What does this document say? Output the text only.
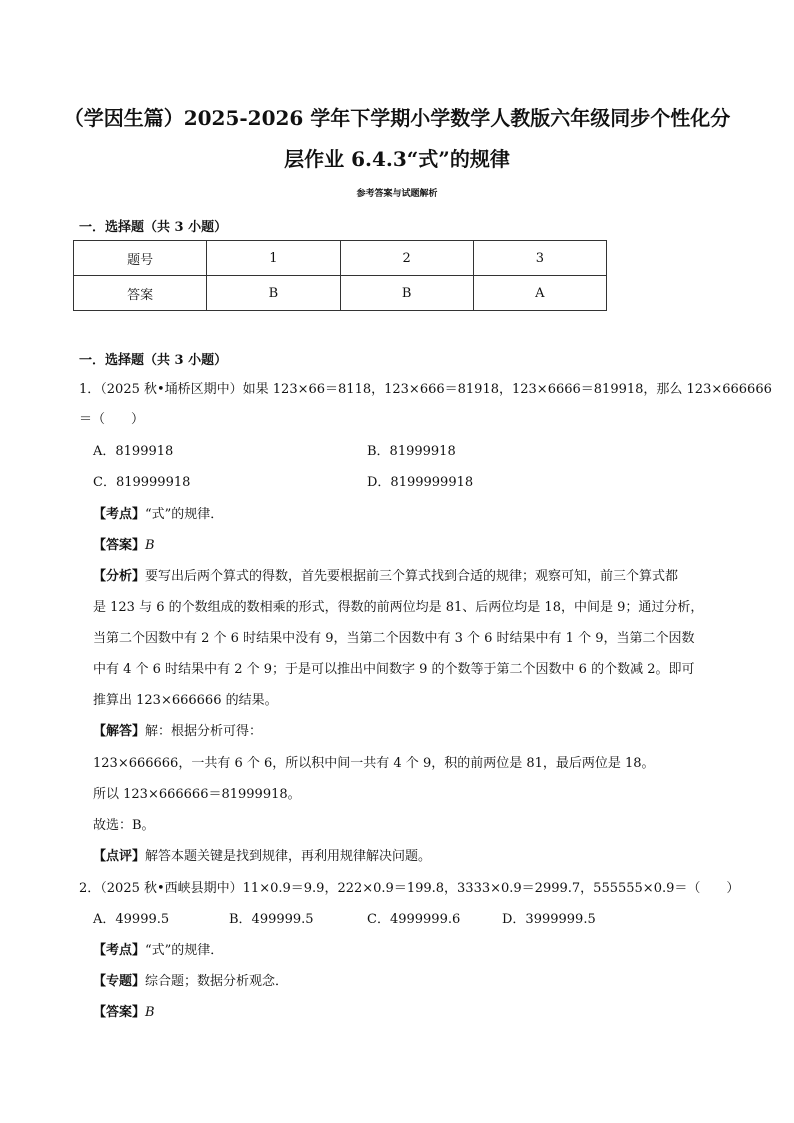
（学因生篇）2025-2026 学年下学期小学数学人教版六年级同步个性化分
层作业 6.4.3“式”的规律
参考答案与试题解析
一．选择题（共 3 小题）
题号	1	2	3
答案	B	B	A
一．选择题（共 3 小题）
1．（2025 秋•埇桥区期中）如果 123×66＝8118，123×666＝81918，123×6666＝819918，那么 123×666666
＝（　　）
A．8199918	B．81999918
C．819999918	D．8199999918
【考点】“式”的规律．
【答案】B
【分析】要写出后两个算式的得数，首先要根据前三个算式找到合适的规律；观察可知，前三个算式都
是 123 与 6 的个数组成的数相乘的形式，得数的前两位均是 81、后两位均是 18，中间是 9；通过分析，
当第二个因数中有 2 个 6 时结果中没有 9，当第二个因数中有 3 个 6 时结果中有 1 个 9，当第二个因数
中有 4 个 6 时结果中有 2 个 9；于是可以推出中间数字 9 的个数等于第二个因数中 6 的个数减 2。即可
推算出 123×666666 的结果。
【解答】解：根据分析可得：
123×666666，一共有 6 个 6，所以积中间一共有 4 个 9，积的前两位是 81，最后两位是 18。
所以 123×666666＝81999918。
故选：B。
【点评】解答本题关键是找到规律，再利用规律解决问题。
2．（2025 秋•西峡县期中）11×0.9＝9.9，222×0.9＝199.8，3333×0.9＝2999.7，555555×0.9＝（　　）
A．49999.5	B．499999.5	C．4999999.6	D．3999999.5
【考点】“式”的规律．
【专题】综合题；数据分析观念．
【答案】B
